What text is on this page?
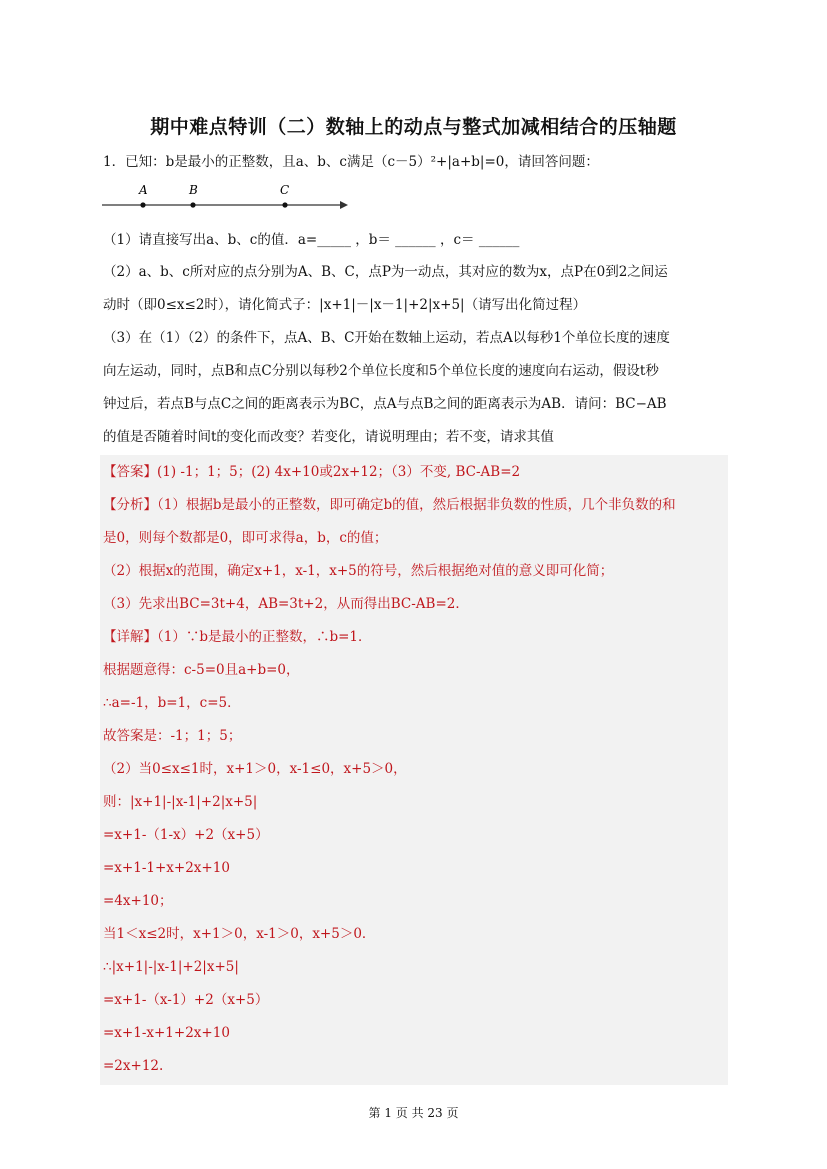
期中难点特训（二）数轴上的动点与整式加减相结合的压轴题
1．已知：b是最小的正整数，且a、b、c满足（c－5）²+|a+b|=0，请回答问题：
A	B	C
（1）请直接写出a、b、c的值．a=_____ ，b＝ ______ ，c＝ ______
（2）a、b、c所对应的点分别为A、B、C，点P为一动点，其对应的数为x，点P在0到2之间运
动时（即0≤x≤2时），请化简式子：|x+1|－|x－1|+2|x+5|（请写出化简过程）
（3）在（1）（2）的条件下，点A、B、C开始在数轴上运动，若点A以每秒1个单位长度的速度
向左运动，同时，点B和点C分别以每秒2个单位长度和5个单位长度的速度向右运动，假设t秒
钟过后，若点B与点C之间的距离表示为BC，点A与点B之间的距离表示为AB．请问：BC−AB
的值是否随着时间t的变化而改变？若变化，请说明理由；若不变，请求其值
【答案】(1) -1；1；5；(2) 4x+10或2x+12；（3）不变, BC-AB=2
【分析】（1）根据b是最小的正整数，即可确定b的值，然后根据非负数的性质，几个非负数的和
是0，则每个数都是0，即可求得a，b，c的值；
（2）根据x的范围，确定x+1，x-1，x+5的符号，然后根据绝对值的意义即可化简；
（3）先求出BC=3t+4，AB=3t+2，从而得出BC-AB=2．
【详解】（1）∵b是最小的正整数，∴b=1．
根据题意得：c-5=0且a+b=0，
∴a=-1，b=1，c=5．
故答案是：-1；1；5；
（2）当0≤x≤1时，x+1＞0，x-1≤0，x+5＞0，
则：|x+1|-|x-1|+2|x+5|
=x+1-（1-x）+2（x+5）
=x+1-1+x+2x+10
=4x+10；
当1＜x≤2时，x+1＞0，x-1＞0，x+5＞0．
∴|x+1|-|x-1|+2|x+5|
=x+1-（x-1）+2（x+5）
=x+1-x+1+2x+10
=2x+12.
第 1 页 共 23 页
